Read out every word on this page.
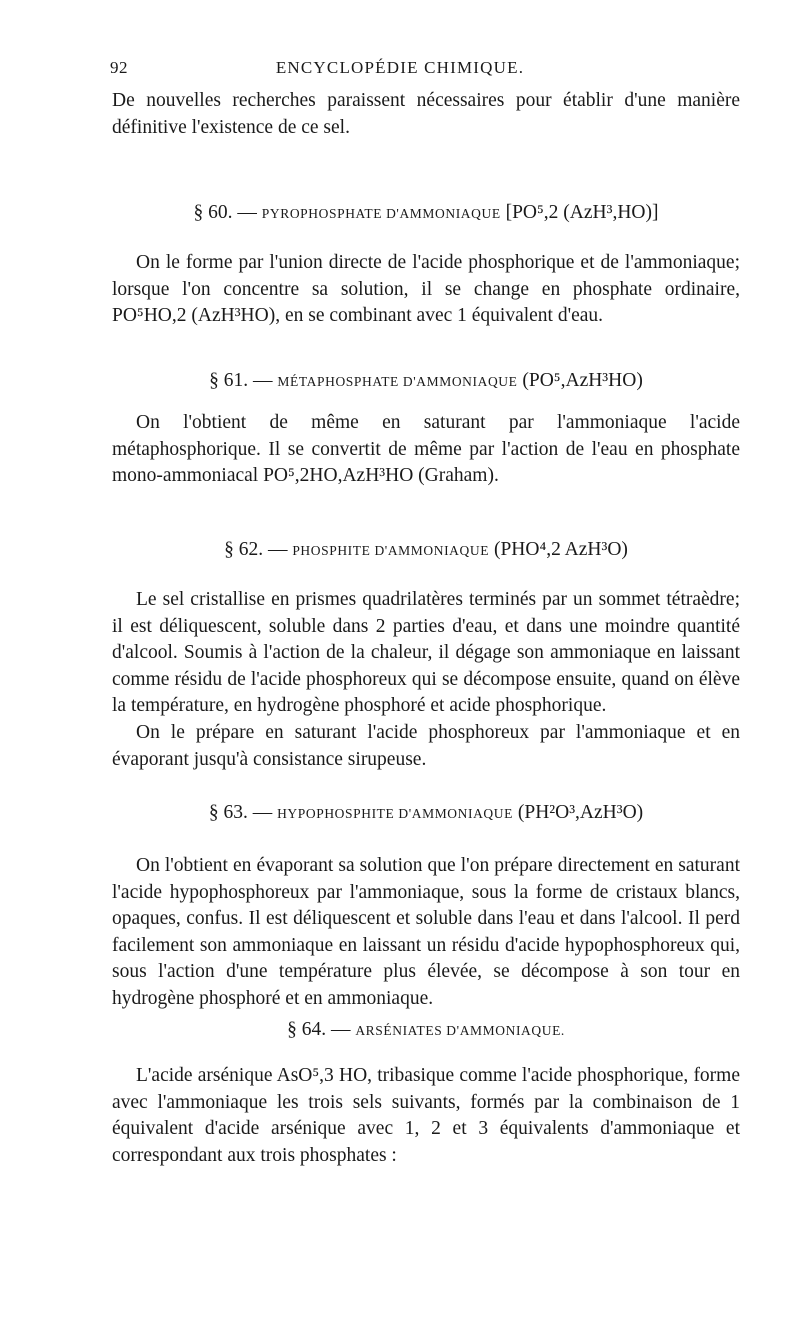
92	ENCYCLOPÉDIE CHIMIQUE.

De nouvelles recherches paraissent nécessaires pour établir d'une manière définitive l'existence de ce sel.

§ 60. — PYROPHOSPHATE D'AMMONIAQUE [PO⁵,2 (AzH³,HO)]

On le forme par l'union directe de l'acide phosphorique et de l'ammoniaque; lorsque l'on concentre sa solution, il se change en phosphate ordinaire, PO⁵HO,2 (AzH³HO), en se combinant avec 1 équivalent d'eau.

§ 61. — MÉTAPHOSPHATE D'AMMONIAQUE (PO⁵,AzH³HO)

On l'obtient de même en saturant par l'ammoniaque l'acide métaphosphorique. Il se convertit de même par l'action de l'eau en phosphate mono-ammoniacal PO⁵,2HO,AzH³HO (Graham).

§ 62. — PHOSPHITE D'AMMONIAQUE (PHO⁴,2 AzH³O)

Le sel cristallise en prismes quadrilatères terminés par un sommet tétraèdre; il est déliquescent, soluble dans 2 parties d'eau, et dans une moindre quantité d'alcool. Soumis à l'action de la chaleur, il dégage son ammoniaque en laissant comme résidu de l'acide phosphoreux qui se décompose ensuite, quand on élève la température, en hydrogène phosphoré et acide phosphorique.

On le prépare en saturant l'acide phosphoreux par l'ammoniaque et en évaporant jusqu'à consistance sirupeuse.

§ 63. — HYPOPHOSPHITE D'AMMONIAQUE (PH²O³,AzH³O)

On l'obtient en évaporant sa solution que l'on prépare directement en saturant l'acide hypophosphoreux par l'ammoniaque, sous la forme de cristaux blancs, opaques, confus. Il est déliquescent et soluble dans l'eau et dans l'alcool. Il perd facilement son ammoniaque en laissant un résidu d'acide hypophosphoreux qui, sous l'action d'une température plus élevée, se décompose à son tour en hydrogène phosphoré et en ammoniaque.

§ 64. — ARSÉNIATES D'AMMONIAQUE.

L'acide arsénique AsO⁵,3 HO, tribasique comme l'acide phosphorique, forme avec l'ammoniaque les trois sels suivants, formés par la combinaison de 1 équivalent d'acide arsénique avec 1, 2 et 3 équivalents d'ammoniaque et correspondant aux trois phosphates :
